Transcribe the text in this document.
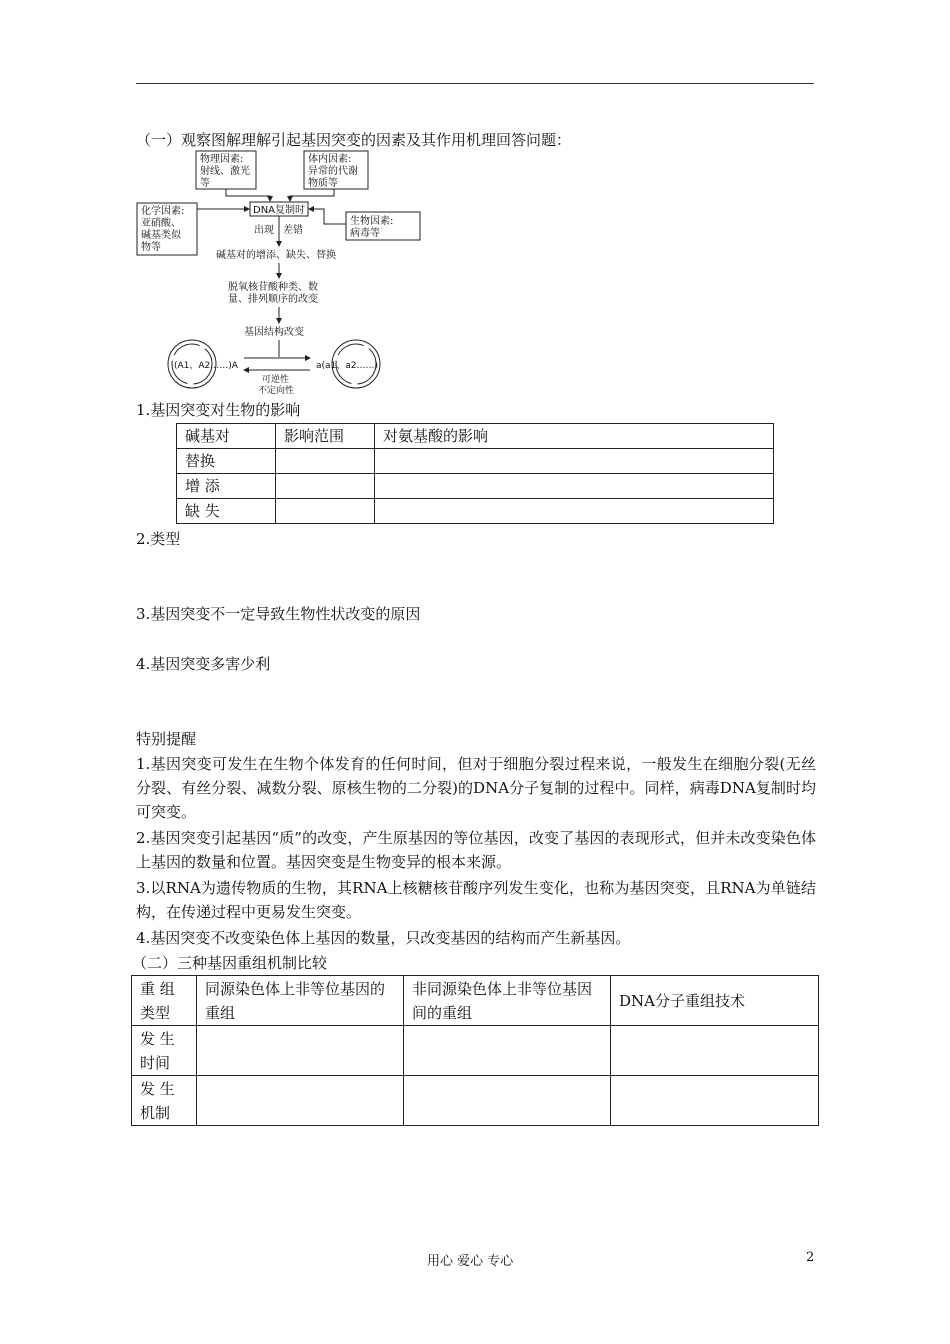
（一）观察图解理解引起基因突变的因素及其作用机理回答问题：
物理因素:
射线、激光
等
体内因素:
异常的代谢
物质等
化学因素:
亚硝酸、
碱基类似
物等
DNA复制时
生物因素:
病毒等
出现 差错
碱基对的增添、缺失、替换
脱氧核苷酸种类、数
量、排列顺序的改变
基因结构改变
(A1、A2……)A	a(a1、a2……)
可逆性
不定向性
1.基因突变对生物的影响
碱基对	影响范围	对氨基酸的影响
替换		
增 添		
缺 失		
2.类型
3.基因突变不一定导致生物性状改变的原因
4.基因突变多害少利
特别提醒
1.基因突变可发生在生物个体发育的任何时间，但对于细胞分裂过程来说，一般发生在细胞分裂(无丝分裂、有丝分裂、减数分裂、原核生物的二分裂)的DNA分子复制的过程中。同样，病毒DNA复制时均可突变。
2.基因突变引起基因“质”的改变，产生原基因的等位基因，改变了基因的表现形式，但并未改变染色体上基因的数量和位置。基因突变是生物变异的根本来源。
3.以RNA为遗传物质的生物，其RNA上核糖核苷酸序列发生变化，也称为基因突变，且RNA为单链结构，在传递过程中更易发生突变。
4.基因突变不改变染色体上基因的数量，只改变基因的结构而产生新基因。
（二）三种基因重组机制比较
重 组类型	同源染色体上非等位基因的重组	非同源染色体上非等位基因间的重组	DNA分子重组技术
发 生时间			
发 生机制			
用心 爱心 专心	2
